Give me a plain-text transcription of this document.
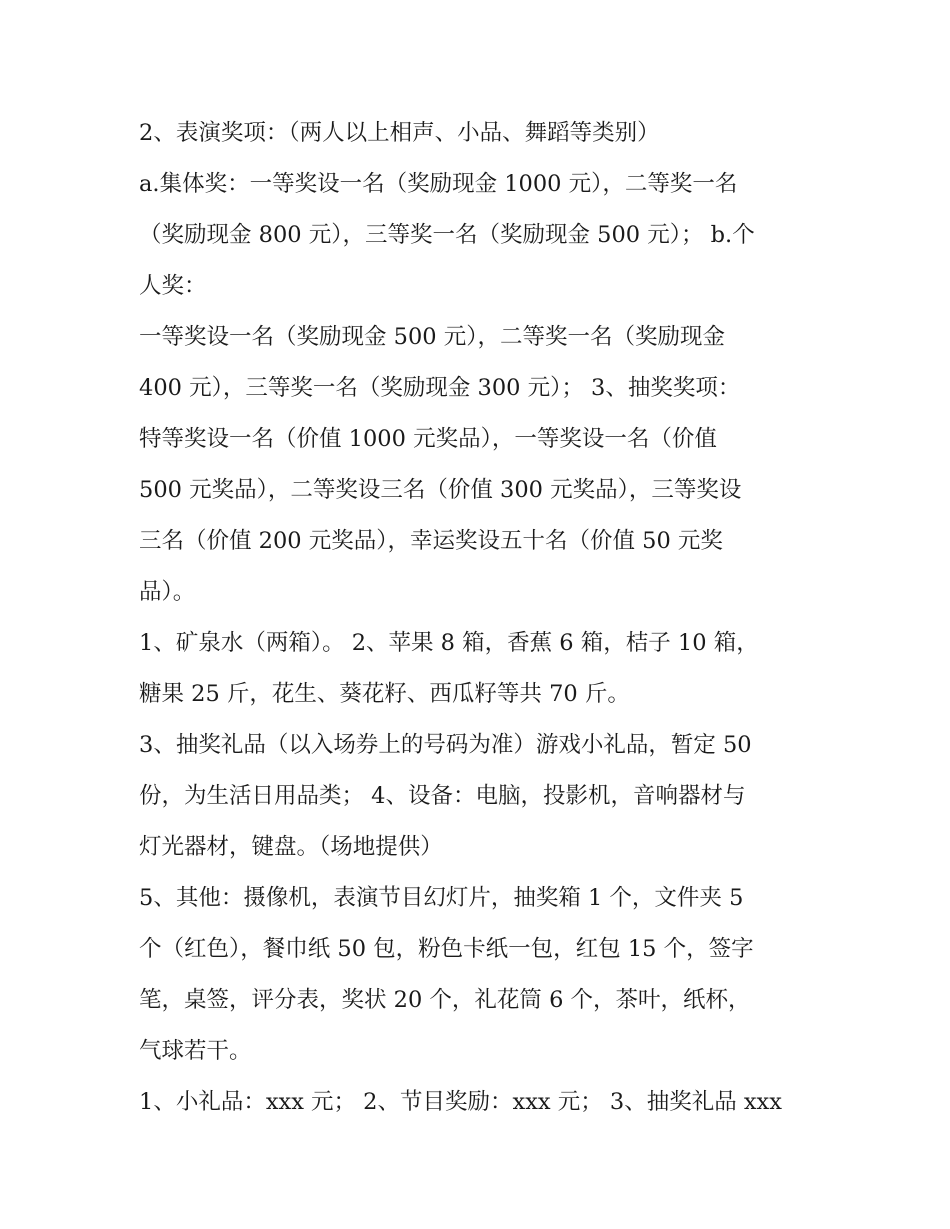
2、表演奖项：（两人以上相声、小品、舞蹈等类别）
a.集体奖：一等奖设一名（奖励现金 1000 元），二等奖一名
（奖励现金 800 元），三等奖一名（奖励现金 500 元）； b.个
人奖：
一等奖设一名（奖励现金 500 元），二等奖一名（奖励现金
400 元），三等奖一名（奖励现金 300 元）； 3、抽奖奖项：
特等奖设一名（价值 1000 元奖品），一等奖设一名（价值
500 元奖品），二等奖设三名（价值 300 元奖品），三等奖设
三名（价值 200 元奖品），幸运奖设五十名（价值 50 元奖
品）。
1、矿泉水（两箱）。 2、苹果 8 箱，香蕉 6 箱，桔子 10 箱，
糖果 25 斤，花生、葵花籽、西瓜籽等共 70 斤。
3、抽奖礼品（以入场券上的号码为准）游戏小礼品，暂定 50
份，为生活日用品类； 4、设备：电脑，投影机，音响器材与
灯光器材，键盘。（场地提供）
5、其他：摄像机，表演节目幻灯片，抽奖箱 1 个，文件夹 5
个（红色），餐巾纸 50 包，粉色卡纸一包，红包 15 个，签字
笔，桌签，评分表，奖状 20 个，礼花筒 6 个，茶叶，纸杯，
气球若干。
1、小礼品：xxx 元； 2、节目奖励：xxx 元； 3、抽奖礼品 xxx
